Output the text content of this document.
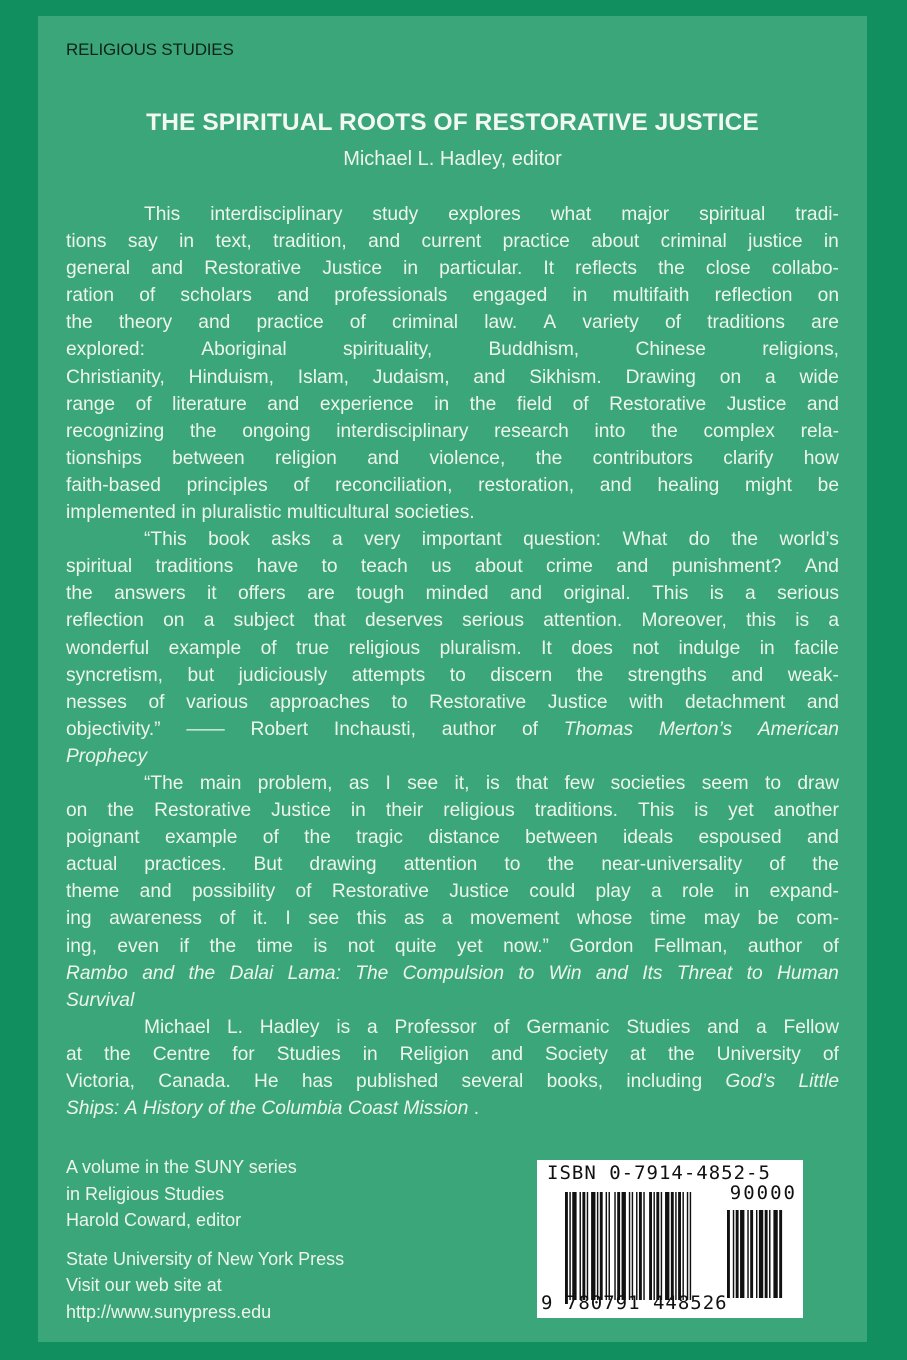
RELIGIOUS STUDIES
THE SPIRITUAL ROOTS OF RESTORATIVE JUSTICE
Michael L. Hadley, editor
This interdisciplinary study explores what major spiritual tradi-
tions say in text, tradition, and current practice about criminal justice in
general and Restorative Justice in particular. It reflects the close collabo-
ration of scholars and professionals engaged in multifaith reflection on
the theory and practice of criminal law. A variety of traditions are
explored:	Aboriginal	spirituality,	Buddhism,	Chinese	religions,
Christianity, Hinduism, Islam, Judaism, and Sikhism. Drawing on a wide
range of literature and experience in the field of Restorative Justice and
recognizing the ongoing interdisciplinary research into the complex rela-
tionships between religion and violence, the contributors clarify how
faith-based principles of reconciliation, restoration, and healing might be
implemented in pluralistic multicultural societies.
“This book asks a very important question: What do the world’s
spiritual traditions have to teach us about crime and punishment? And
the answers it offers are tough minded and original. This is a serious
reflection on a subject that deserves serious attention. Moreover, this is a
wonderful example of true religious pluralism. It does not indulge in facile
syncretism, but judiciously attempts to discern the strengths and weak-
nesses of various approaches to Restorative Justice with detachment and
objectivity.” —— Robert Inchausti, author of Thomas Merton’s American
Prophecy
“The main problem, as I see it, is that few societies seem to draw
on the Restorative Justice in their religious traditions. This is yet another
poignant example of the tragic distance between ideals espoused and
actual practices. But drawing attention to the near-universality of the
theme and possibility of Restorative Justice could play a role in expand-
ing awareness of it. I see this as a movement whose time may be com-
ing, even if the time is not quite yet now.” Gordon Fellman, author of
Rambo and the Dalai Lama: The Compulsion to Win and Its Threat to Human
Survival
Michael L. Hadley is a Professor of Germanic Studies and a Fellow
at the Centre for Studies in Religion and Society at the University of
Victoria, Canada. He has published several books, including God’s Little
Ships: A History of the Columbia Coast Mission .
A volume in the SUNY series
in Religious Studies
Harold Coward, editor
State University of New York Press
Visit our web site at
http://www.sunypress.edu
ISBN 0-7914-4852-5
90000
9 780791 448526
